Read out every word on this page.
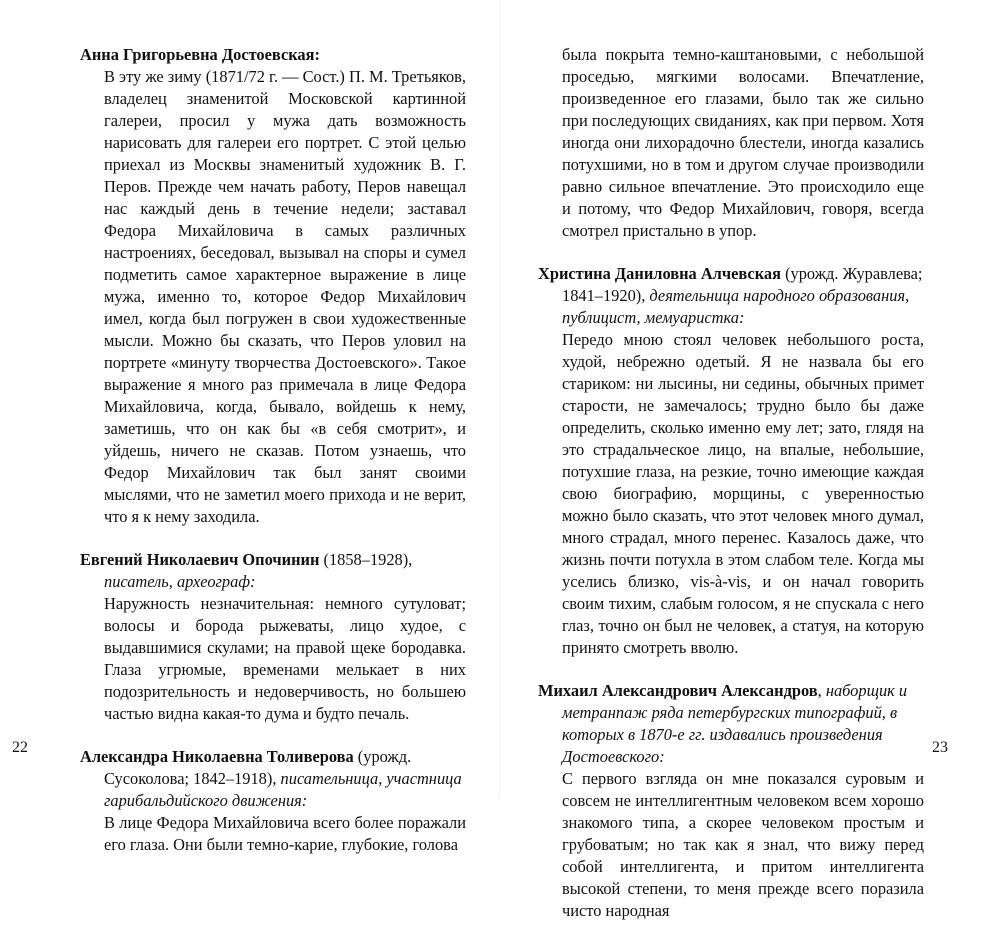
Анна Григорьевна Достоевская:

В эту же зиму (1871/72 г. — Сост.) П. М. Третьяков, владелец знаменитой Московской картинной галереи, просил у мужа дать возможность нарисовать для галереи его портрет. С этой целью приехал из Москвы знаменитый художник В. Г. Перов. Прежде чем начать работу, Перов навещал нас каждый день в течение недели; заставал Федора Михайловича в самых различных настроениях, беседовал, вызывал на споры и сумел подметить самое характерное выражение в лице мужа, именно то, которое Федор Михайлович имел, когда был погружен в свои художественные мысли. Можно бы сказать, что Перов уловил на портрете «минуту творчества Достоевского». Такое выражение я много раз примечала в лице Федора Михайловича, когда, бывало, войдешь к нему, заметишь, что он как бы «в себя смотрит», и уйдешь, ничего не сказав. Потом узнаешь, что Федор Михайлович так был занят своими мыслями, что не заметил моего прихода и не верит, что я к нему заходила.

Евгений Николаевич Опочинин (1858–1928), писатель, археограф:

Наружность незначительная: немного сутуловат; волосы и борода рыжеваты, лицо худое, с выдавшимися скулами; на правой щеке бородавка. Глаза угрюмые, временами мелькает в них подозрительность и недоверчивость, но большею частью видна какая-то дума и будто печаль.

Александра Николаевна Толиверова (урожд. Сусоколова; 1842–1918), писательница, участница гарибальдийского движения:

В лице Федора Михайловича всего более поражали его глаза. Они были темно-карие, глубокие, голова

22

была покрыта темно-каштановыми, с небольшой проседью, мягкими волосами. Впечатление, произведенное его глазами, было так же сильно при последующих свиданиях, как при первом. Хотя иногда они лихорадочно блестели, иногда казались потухшими, но в том и другом случае производили равно сильное впечатление. Это происходило еще и потому, что Федор Михайлович, говоря, всегда смотрел пристально в упор.

Христина Даниловна Алчевская (урожд. Журавлева; 1841–1920), деятельница народного образования, публицист, мемуаристка:

Передо мною стоял человек небольшого роста, худой, небрежно одетый. Я не назвала бы его стариком: ни лысины, ни седины, обычных примет старости, не замечалось; трудно было бы даже определить, сколько именно ему лет; зато, глядя на это страдальческое лицо, на впалые, небольшие, потухшие глаза, на резкие, точно имеющие каждая свою биографию, морщины, с уверенностью можно было сказать, что этот человек много думал, много страдал, много перенес. Казалось даже, что жизнь почти потухла в этом слабом теле. Когда мы уселись близко, vis-à-vis, и он начал говорить своим тихим, слабым голосом, я не спускала с него глаз, точно он был не человек, а статуя, на которую принято смотреть вволю.

Михаил Александрович Александров, наборщик и метранпаж ряда петербургских типографий, в которых в 1870-е гг. издавались произведения Достоевского:

С первого взгляда он мне показался суровым и совсем не интеллигентным человеком всем хорошо знакомого типа, а скорее человеком простым и грубоватым; но так как я знал, что вижу перед собой интеллигента, и притом интеллигента высокой степени, то меня прежде всего поразила чисто народная

23
